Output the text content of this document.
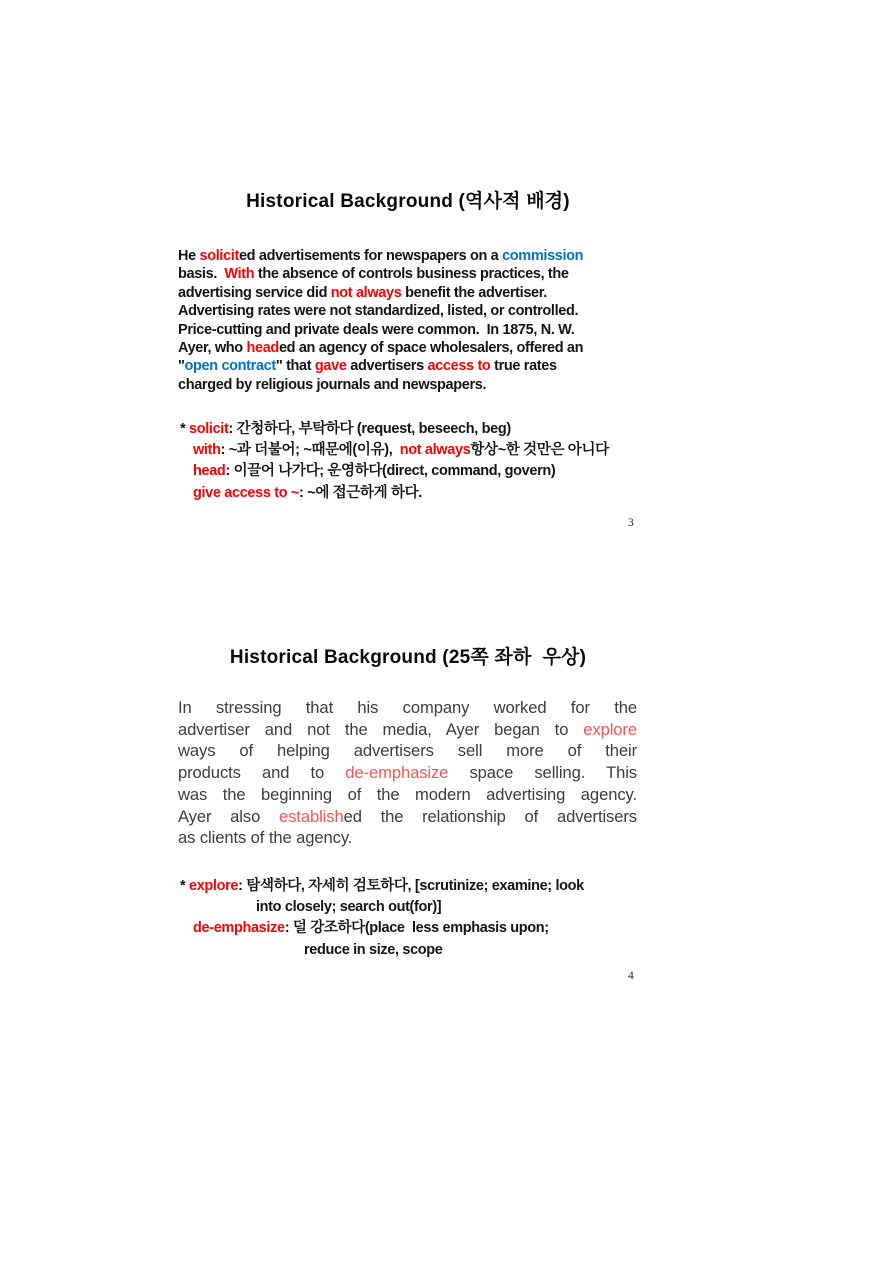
Historical Background (역사적 배경)
He solicited advertisements for newspapers on a commission
basis.  With the absence of controls business practices, the
advertising service did not always benefit the advertiser.
Advertising rates were not standardized, listed, or controlled.
Price-cutting and private deals were common.  In 1875, N. W.
Ayer, who headed an agency of space wholesalers, offered an
"open contract" that gave advertisers access to true rates
charged by religious journals and newspapers.
* solicit: 간청하다, 부탁하다 (request, beseech, beg)
with: ~과 더불어; ~때문에(이유),  not always항상~한 것만은 아니다
head: 이끌어 나가다; 운영하다(direct, command, govern)
give access to ~: ~에 접근하게 하다.
3
Historical Background (25쪽 좌하  우상)
In stressing that his company worked for the
advertiser and not the media, Ayer began to explore
ways of helping advertisers sell more of their
products and to de-emphasize space selling. This
was the beginning of the modern advertising agency.
Ayer also established the relationship of advertisers
as clients of the agency.
* explore: 탐색하다, 자세히 검토하다, [scrutinize; examine; look
into closely; search out(for)]
de-emphasize: 덜 강조하다(place  less emphasis upon;
reduce in size, scope
4
